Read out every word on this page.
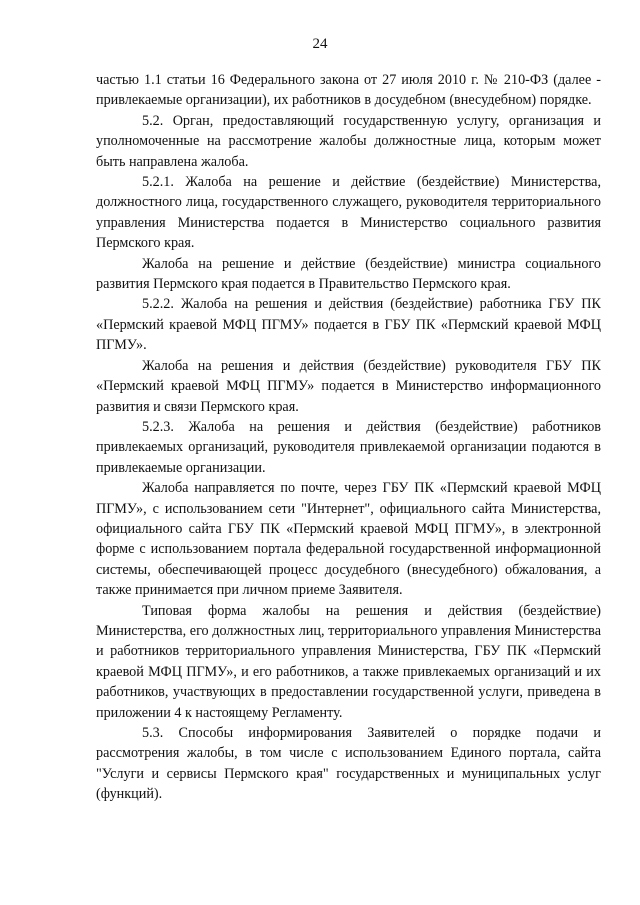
24

частью 1.1 статьи 16 Федерального закона от 27 июля 2010 г. № 210-ФЗ (далее - привлекаемые организации), их работников в досудебном (внесудебном) порядке.

5.2. Орган, предоставляющий государственную услугу, организация и уполномоченные на рассмотрение жалобы должностные лица, которым может быть направлена жалоба.

5.2.1. Жалоба на решение и действие (бездействие) Министерства, должностного лица, государственного служащего, руководителя территориального управления Министерства подается в Министерство социального развития Пермского края.

Жалоба на решение и действие (бездействие) министра социального развития Пермского края подается в Правительство Пермского края.

5.2.2. Жалоба на решения и действия (бездействие) работника ГБУ ПК «Пермский краевой МФЦ ПГМУ» подается в ГБУ ПК «Пермский краевой МФЦ ПГМУ».

Жалоба на решения и действия (бездействие) руководителя ГБУ ПК «Пермский краевой МФЦ ПГМУ» подается в Министерство информационного развития и связи Пермского края.

5.2.3. Жалоба на решения и действия (бездействие) работников привлекаемых организаций, руководителя привлекаемой организации подаются в привлекаемые организации.

Жалоба направляется по почте, через ГБУ ПК «Пермский краевой МФЦ ПГМУ», с использованием сети "Интернет", официального сайта Министерства, официального сайта ГБУ ПК «Пермский краевой МФЦ ПГМУ», в электронной форме с использованием портала федеральной государственной информационной системы, обеспечивающей процесс досудебного (внесудебного) обжалования, а также принимается при личном приеме Заявителя.

Типовая форма жалобы на решения и действия (бездействие) Министерства, его должностных лиц, территориального управления Министерства и работников территориального управления Министерства, ГБУ ПК «Пермский краевой МФЦ ПГМУ», и его работников, а также привлекаемых организаций и их работников, участвующих в предоставлении государственной услуги, приведена в приложении 4 к настоящему Регламенту.

5.3. Способы информирования Заявителей о порядке подачи и рассмотрения жалобы, в том числе с использованием Единого портала, сайта "Услуги и сервисы Пермского края" государственных и муниципальных услуг (функций).
